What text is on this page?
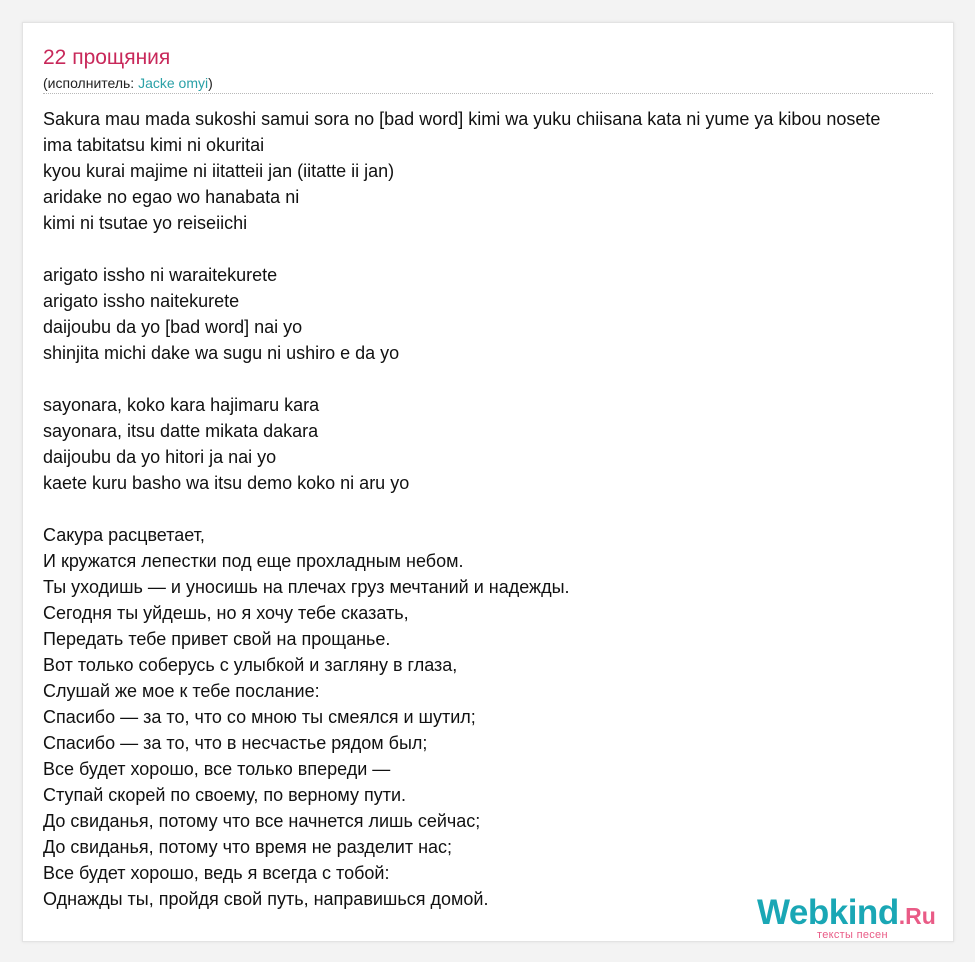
22 прощяния
(исполнитель: Jacke omyi)
Sakura mau mada sukoshi samui sora no [bad word] kimi wa yuku chiisana kata ni yume ya kibou nosete
ima tabitatsu kimi ni okuritai
kyou kurai majime ni iitatteii jan (iitatte ii jan)
aridake no egao wo hanabata ni
kimi ni tsutae yo reiseiichi

arigato issho ni waraitekurete
arigato issho naitekurete
daijoubu da yo [bad word] nai yo
shinjita michi dake wa sugu ni ushiro e da yo

sayonara, koko kara hajimaru kara
sayonara, itsu datte mikata dakara
daijoubu da yo hitori ja nai yo
kaete kuru basho wa itsu demo koko ni aru yo

Сакура расцветает,
И кружатся лепестки под еще прохладным небом.
Ты уходишь — и уносишь на плечах груз мечтаний и надежды.
Сегодня ты уйдешь, но я хочу тебе сказать,
Передать тебе привет свой на прощанье.
Вот только соберусь с улыбкой и загляну в глаза,
Слушай же мое к тебе послание:
Спасибо — за то, что со мною ты смеялся и шутил;
Спасибо — за то, что в несчастье рядом был;
Все будет хорошо, все только впереди —
Ступай скорей по своему, по верному пути.
До свиданья, потому что все начнется лишь сейчас;
До свиданья, потому что время не разделит нас;
Все будет хорошо, ведь я всегда с тобой:
Однажды ты, пройдя свой путь, направишься домой.	Webkind.Ru
тексты песен
